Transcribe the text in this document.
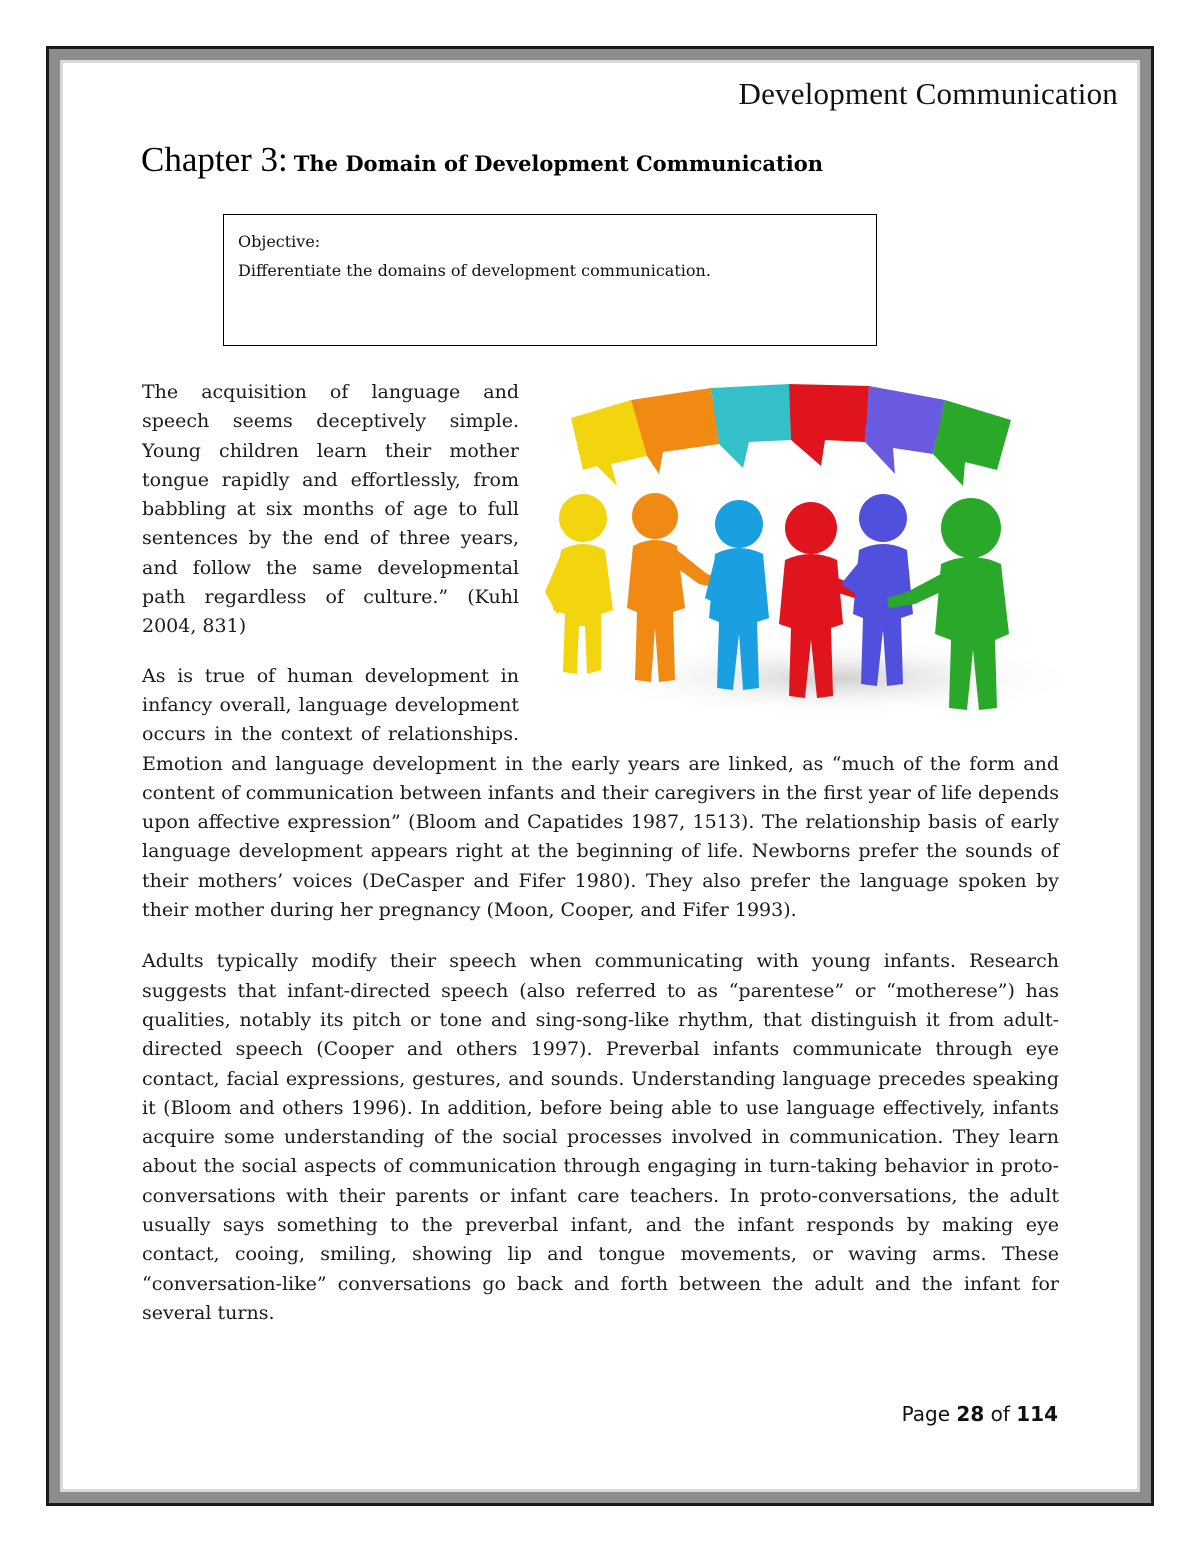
Development Communication
Chapter 3: The Domain of Development Communication
Objective:
Differentiate the domains of development communication.

The acquisition of language and speech seems deceptively simple. Young children learn their mother tongue rapidly and effortlessly, from babbling at six months of age to full sentences by the end of three years, and follow the same developmental path regardless of culture.” (Kuhl 2004, 831)

As is true of human development in infancy overall, language development occurs in the context of relationships. Emotion and language development in the early years are linked, as “much of the form and content of communication between infants and their caregivers in the first year of life depends upon affective expression” (Bloom and Capatides 1987, 1513). The relationship basis of early language development appears right at the beginning of life. Newborns prefer the sounds of their mothers’ voices (DeCasper and Fifer 1980). They also prefer the language spoken by their mother during her pregnancy (Moon, Cooper, and Fifer 1993).

Adults typically modify their speech when communicating with young infants. Research suggests that infant-directed speech (also referred to as “parentese” or “motherese”) has qualities, notably its pitch or tone and sing-song-like rhythm, that distinguish it from adult-directed speech (Cooper and others 1997). Preverbal infants communicate through eye contact, facial expressions, gestures, and sounds. Understanding language precedes speaking it (Bloom and others 1996). In addition, before being able to use language effectively, infants acquire some understanding of the social processes involved in communication. They learn about the social aspects of communication through engaging in turn-taking behavior in proto-conversations with their parents or infant care teachers. In proto-conversations, the adult usually says something to the preverbal infant, and the infant responds by making eye contact, cooing, smiling, showing lip and tongue movements, or waving arms. These “conversation-like” conversations go back and forth between the adult and the infant for several turns.

Page 28 of 114
